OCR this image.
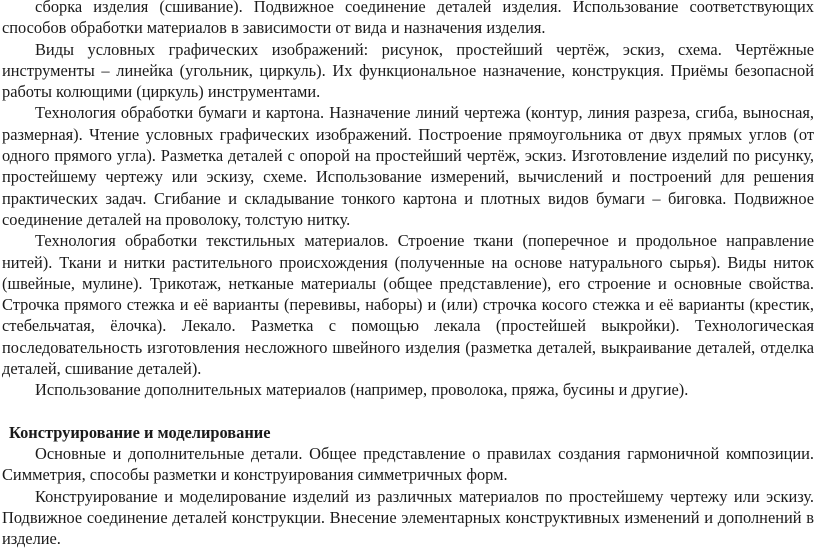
сборка изделия (сшивание). Подвижное соединение деталей изделия. Использование соответствующих способов обработки материалов в зависимости от вида и назначения изделия.

Виды условных графических изображений: рисунок, простейший чертёж, эскиз, схема. Чертёжные инструменты – линейка (угольник, циркуль). Их функциональное назначение, конструкция. Приёмы безопасной работы колющими (циркуль) инструментами.

Технология обработки бумаги и картона. Назначение линий чертежа (контур, линия разреза, сгиба, выносная, размерная). Чтение условных графических изображений. Построение прямоугольника от двух прямых углов (от одного прямого угла). Разметка деталей с опорой на простейший чертёж, эскиз. Изготовление изделий по рисунку, простейшему чертежу или эскизу, схеме. Использование измерений, вычислений и построений для решения практических задач. Сгибание и складывание тонкого картона и плотных видов бумаги – биговка. Подвижное соединение деталей на проволоку, толстую нитку.

Технология обработки текстильных материалов. Строение ткани (поперечное и продольное направление нитей). Ткани и нитки растительного происхождения (полученные на основе натурального сырья). Виды ниток (швейные, мулине). Трикотаж, нетканые материалы (общее представление), его строение и основные свойства. Строчка прямого стежка и её варианты (перевивы, наборы) и (или) строчка косого стежка и её варианты (крестик, стебельчатая, ёлочка). Лекало. Разметка с помощью лекала (простейшей выкройки). Технологическая последовательность изготовления несложного швейного изделия (разметка деталей, выкраивание деталей, отделка деталей, сшивание деталей).

Использование дополнительных материалов (например, проволока, пряжа, бусины и другие).

Конструирование и моделирование

Основные и дополнительные детали. Общее представление о правилах создания гармоничной композиции. Симметрия, способы разметки и конструирования симметричных форм.

Конструирование и моделирование изделий из различных материалов по простейшему чертежу или эскизу. Подвижное соединение деталей конструкции. Внесение элементарных конструктивных изменений и дополнений в изделие.
